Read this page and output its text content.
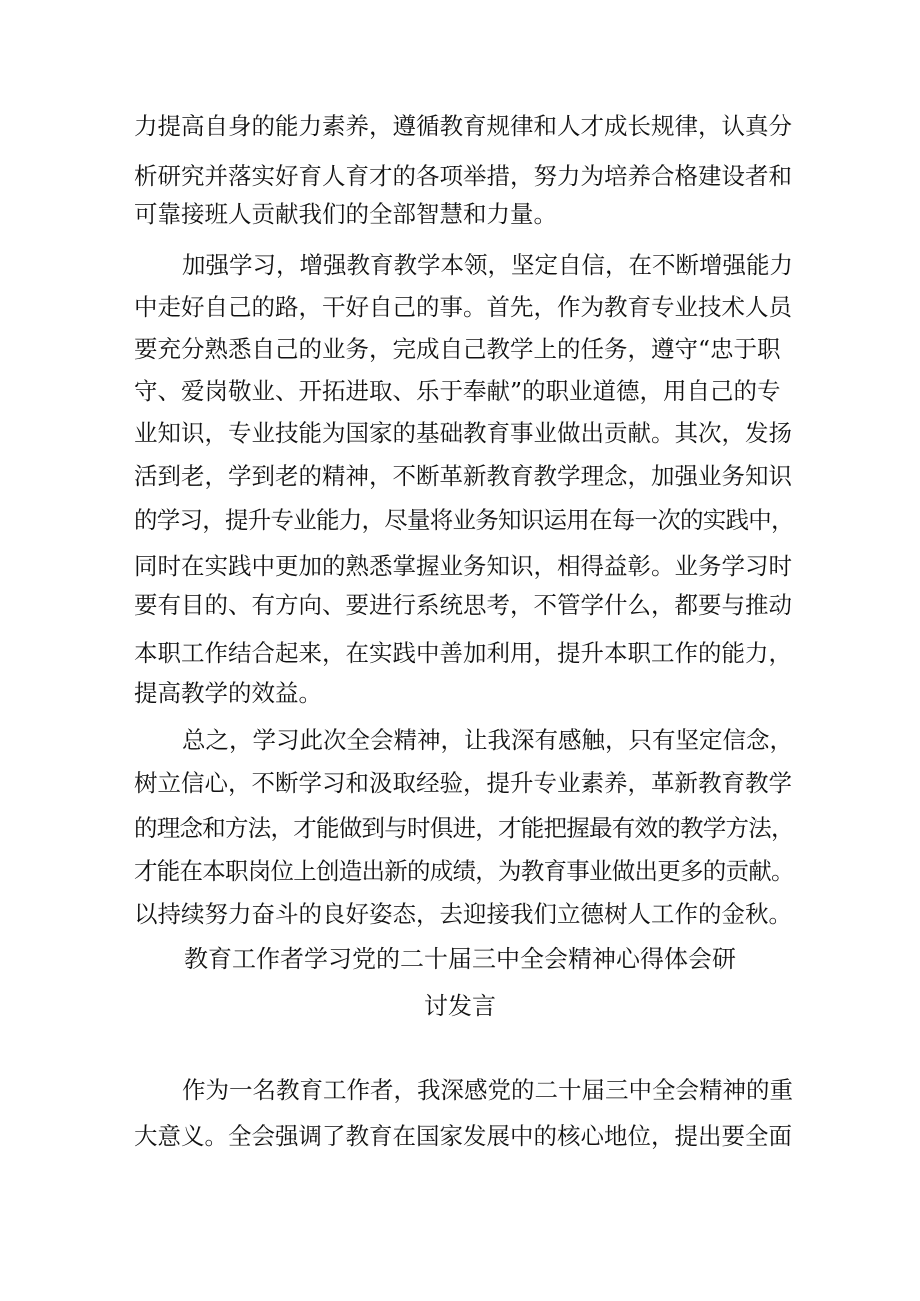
力提高自身的能力素养，遵循教育规律和人才成长规律，认真分
析研究并落实好育人育才的各项举措，努力为培养合格建设者和
可靠接班人贡献我们的全部智慧和力量。
加强学习，增强教育教学本领，坚定自信，在不断增强能力
中走好自己的路，干好自己的事。首先，作为教育专业技术人员
要充分熟悉自己的业务，完成自己教学上的任务，遵守“忠于职
守、爱岗敬业、开拓进取、乐于奉献”的职业道德，用自己的专
业知识，专业技能为国家的基础教育事业做出贡献。其次，发扬
活到老，学到老的精神，不断革新教育教学理念，加强业务知识
的学习，提升专业能力，尽量将业务知识运用在每一次的实践中，
同时在实践中更加的熟悉掌握业务知识，相得益彰。业务学习时
要有目的、有方向、要进行系统思考，不管学什么，都要与推动
本职工作结合起来，在实践中善加利用，提升本职工作的能力，
提高教学的效益。
总之，学习此次全会精神，让我深有感触，只有坚定信念，
树立信心，不断学习和汲取经验，提升专业素养，革新教育教学
的理念和方法，才能做到与时俱进，才能把握最有效的教学方法，
才能在本职岗位上创造出新的成绩，为教育事业做出更多的贡献。
以持续努力奋斗的良好姿态，去迎接我们立德树人工作的金秋。
教育工作者学习党的二十届三中全会精神心得体会研
讨发言
作为一名教育工作者，我深感党的二十届三中全会精神的重
大意义。全会强调了教育在国家发展中的核心地位，提出要全面
